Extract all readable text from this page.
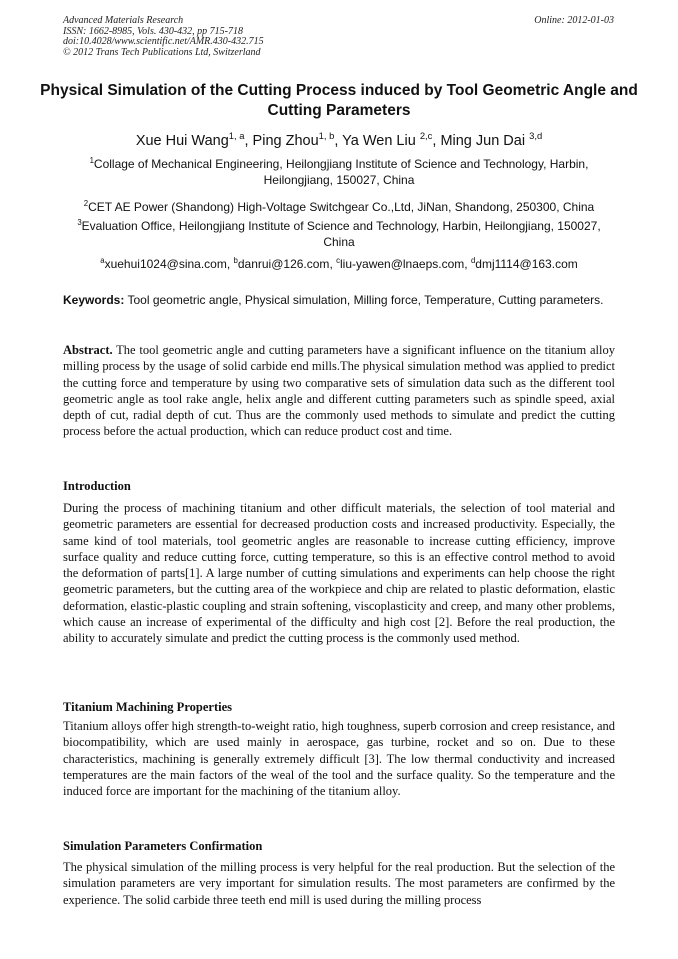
Advanced Materials Research
ISSN: 1662-8985, Vols. 430-432, pp 715-718
doi:10.4028/www.scientific.net/AMR.430-432.715
© 2012 Trans Tech Publications Ltd, Switzerland
Online: 2012-01-03
Physical Simulation of the Cutting Process induced by Tool Geometric Angle and Cutting Parameters
Xue Hui Wang$^{1, a}$, Ping Zhou$^{1, b}$, Ya Wen Liu $^{2,c}$, Ming Jun Dai $^{3,d}$
$^1$Collage of Mechanical Engineering, Heilongjiang Institute of Science and Technology, Harbin, Heilongjiang, 150027, China
$^2$CET AE Power (Shandong) High-Voltage Switchgear Co.,Ltd, JiNan, Shandong, 250300, China
$^3$Evaluation Office, Heilongjiang Institute of Science and Technology, Harbin, Heilongjiang, 150027, China
$^a$xuehui1024@sina.com, $^b$danrui@126.com, $^c$liu-yawen@lnaeps.com, $^d$dmj1114@163.com
Keywords: Tool geometric angle, Physical simulation, Milling force, Temperature, Cutting parameters.
Abstract. The tool geometric angle and cutting parameters have a significant influence on the titanium alloy milling process by the usage of solid carbide end mills.The physical simulation method was applied to predict the cutting force and temperature by using two comparative sets of simulation data such as the different tool geometric angle as tool rake angle, helix angle and different cutting parameters such as spindle speed, axial depth of cut, radial depth of cut. Thus are the commonly used methods to simulate and predict the cutting process before the actual production, which can reduce product cost and time.
Introduction
During the process of machining titanium and other difficult materials, the selection of tool material and geometric parameters are essential for decreased production costs and increased productivity. Especially, the same kind of tool materials, tool geometric angles are reasonable to increase cutting efficiency, improve surface quality and reduce cutting force, cutting temperature, so this is an effective control method to avoid the deformation of parts[1]. A large number of cutting simulations and experiments can help choose the right geometric parameters, but the cutting area of the workpiece and chip are related to plastic deformation, elastic deformation, elastic-plastic coupling and strain softening, viscoplasticity and creep, and many other problems, which cause an increase of experimental of the difficulty and high cost [2]. Before the real production, the ability to accurately simulate and predict the cutting process is the commonly used method.
Titanium Machining Properties
Titanium alloys offer high strength-to-weight ratio, high toughness, superb corrosion and creep resistance, and biocompatibility, which are used mainly in aerospace, gas turbine, rocket and so on. Due to these characteristics, machining is generally extremely difficult [3]. The low thermal conductivity and increased temperatures are the main factors of the weal of the tool and the surface quality. So the temperature and the induced force are important for the machining of the titanium alloy.
Simulation Parameters Confirmation
The physical simulation of the milling process is very helpful for the real production. But the selection of the simulation parameters are very important for simulation results. The most parameters are confirmed by the experience. The solid carbide three teeth end mill is used during the milling process
